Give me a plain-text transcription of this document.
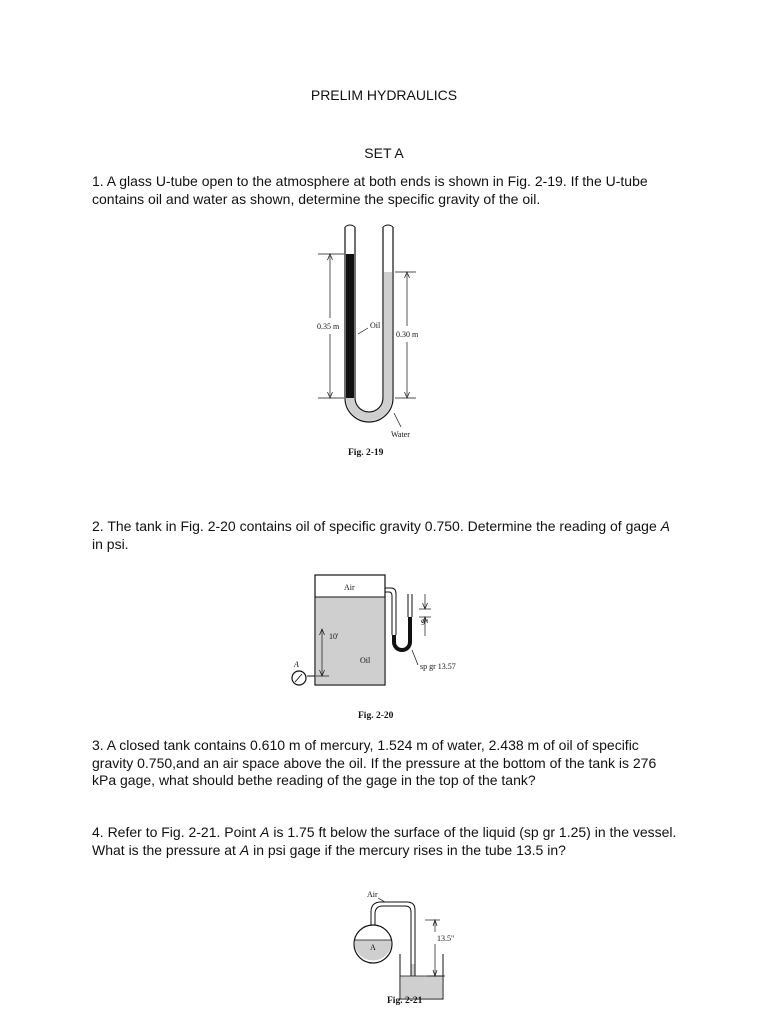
PRELIM HYDRAULICS
SET A
1. A glass U-tube open to the atmosphere at both ends is shown in Fig. 2-19. If the U-tube contains oil and water as shown, determine the specific gravity of the oil.
0.35 m	Oil
0.30 m
Water
Fig. 2-19
2. The tank in Fig. 2-20 contains oil of specific gravity 0.750. Determine the reading of gage A in psi.
Air
10'
Oil
A
9"
sp gr 13.57
Fig. 2-20
3. A closed tank contains 0.610 m of mercury, 1.524 m of water, 2.438 m of oil of specific gravity 0.750,and an air space above the oil. If the pressure at the bottom of the tank is 276 kPa gage, what should bethe reading of the gage in the top of the tank?
4. Refer to Fig. 2-21. Point A is 1.75 ft below the surface of the liquid (sp gr 1.25) in the vessel. What is the pressure at A in psi gage if the mercury rises in the tube 13.5 in?
Air
A
13.5"
Fig. 2-21
